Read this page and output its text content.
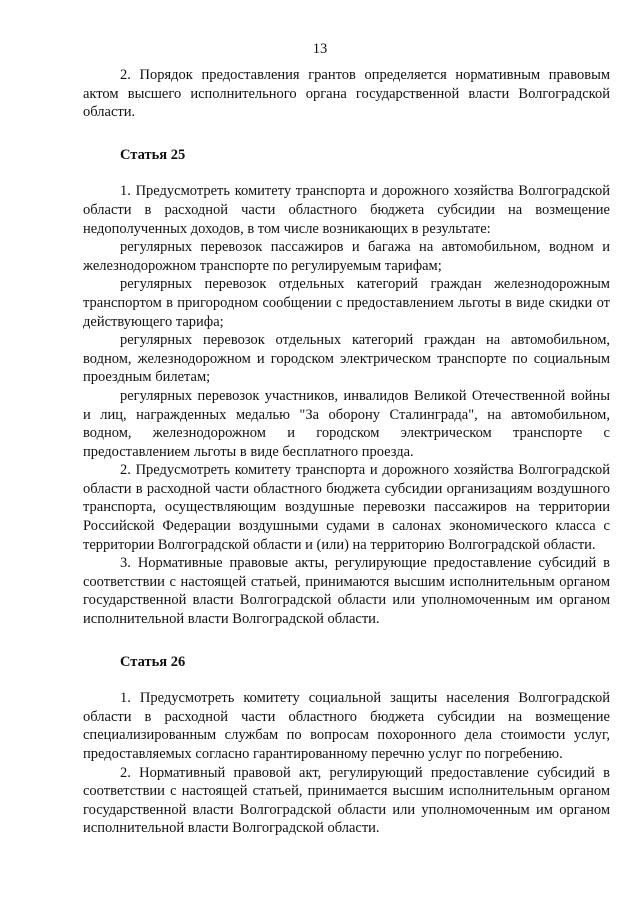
13

2. Порядок предоставления грантов определяется нормативным правовым актом высшего исполнительного органа государственной власти Волгоградской области.

Статья 25

1. Предусмотреть комитету транспорта и дорожного хозяйства Волгоградской области в расходной части областного бюджета субсидии на возмещение недополученных доходов, в том числе возникающих в результате:

регулярных перевозок пассажиров и багажа на автомобильном, водном и железнодорожном транспорте по регулируемым тарифам;

регулярных перевозок отдельных категорий граждан железнодорожным транспортом в пригородном сообщении с предоставлением льготы в виде скидки от действующего тарифа;

регулярных перевозок отдельных категорий граждан на автомобильном, водном, железнодорожном и городском электрическом транспорте по социальным проездным билетам;

регулярных перевозок участников, инвалидов Великой Отечественной войны и лиц, награжденных медалью "За оборону Сталинграда", на автомобильном, водном, железнодорожном и городском электрическом транспорте с предоставлением льготы в виде бесплатного проезда.

2. Предусмотреть комитету транспорта и дорожного хозяйства Волгоградской области в расходной части областного бюджета субсидии организациям воздушного транспорта, осуществляющим воздушные перевозки пассажиров на территории Российской Федерации воздушными судами в салонах экономического класса с территории Волгоградской области и (или) на территорию Волгоградской области.

3. Нормативные правовые акты, регулирующие предоставление субсидий в соответствии с настоящей статьей, принимаются высшим исполнительным органом государственной власти Волгоградской области или уполномоченным им органом исполнительной власти Волгоградской области.

Статья 26

1. Предусмотреть комитету социальной защиты населения Волгоградской области в расходной части областного бюджета субсидии на возмещение специализированным службам по вопросам похоронного дела стоимости услуг, предоставляемых согласно гарантированному перечню услуг по погребению.

2. Нормативный правовой акт, регулирующий предоставление субсидий в соответствии с настоящей статьей, принимается высшим исполнительным органом государственной власти Волгоградской области или уполномоченным им органом исполнительной власти Волгоградской области.
